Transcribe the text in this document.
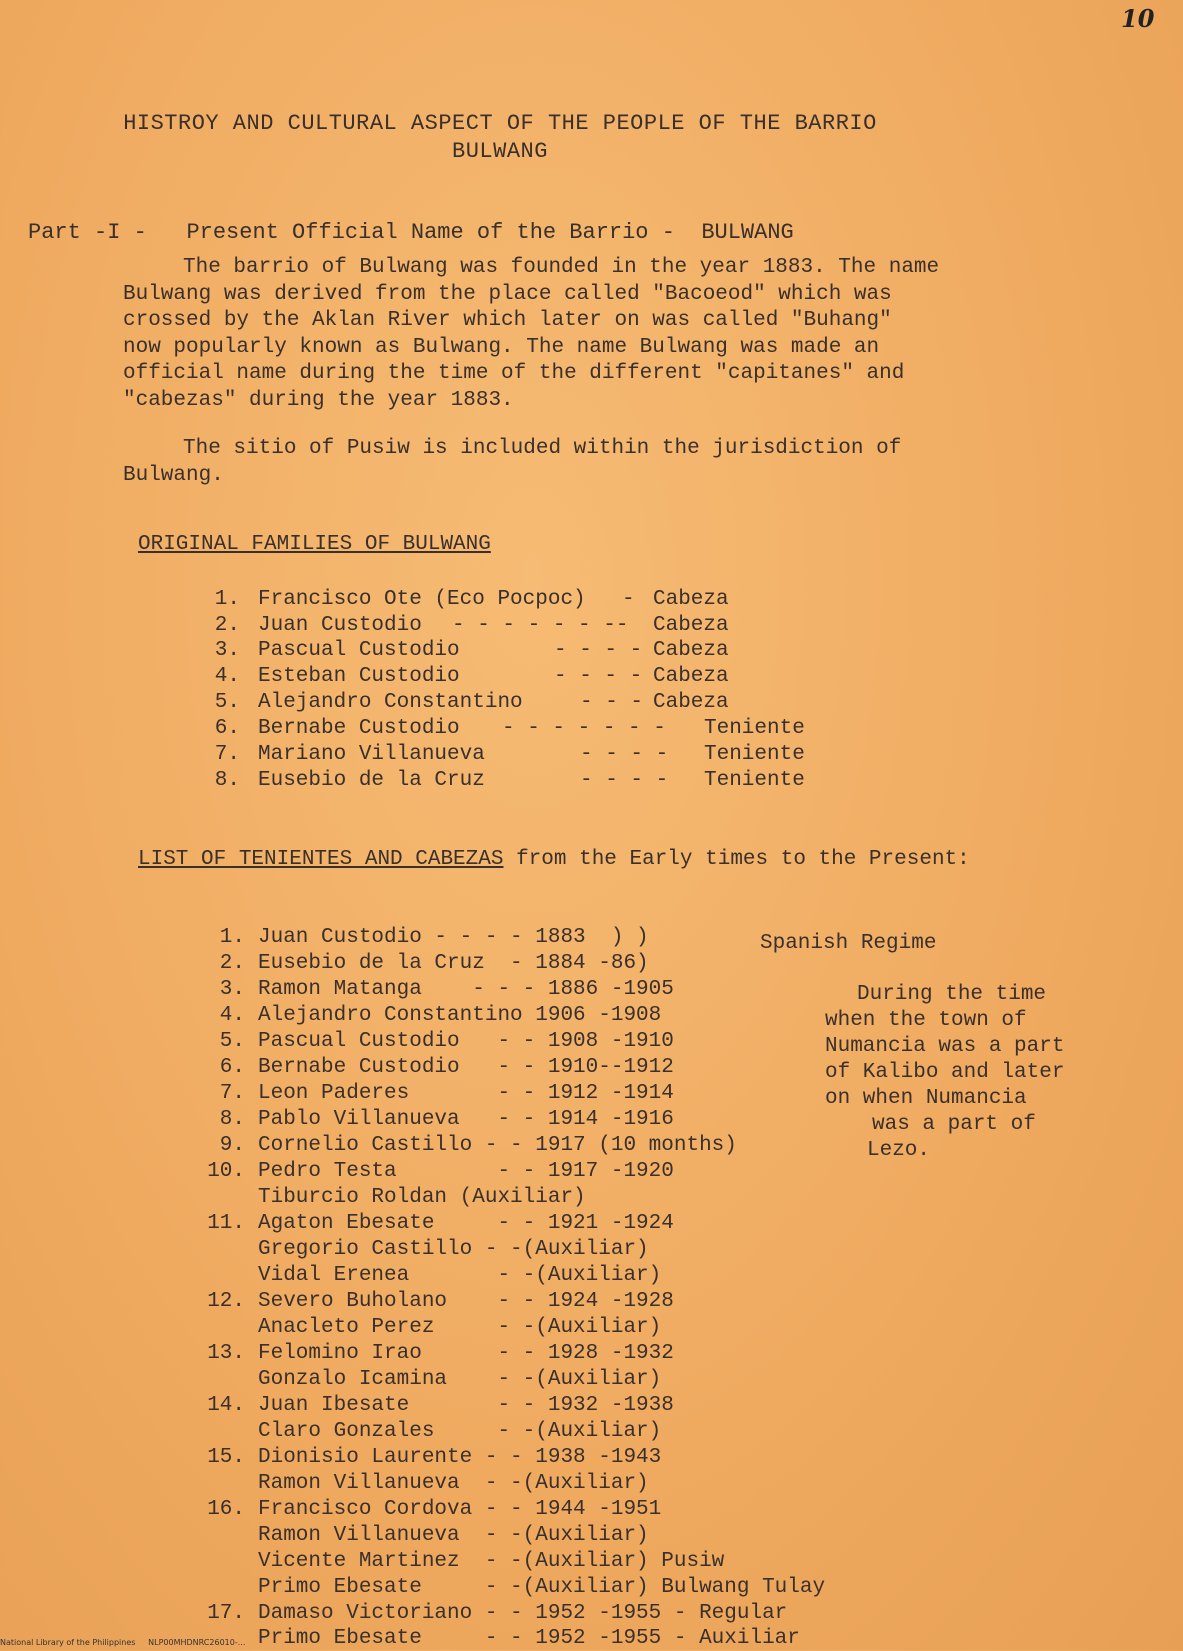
10
HISTROY AND CULTURAL ASPECT OF THE PEOPLE OF THE BARRIO
BULWANG
Part -I - Present Official Name of the Barrio - BULWANG
The barrio of Bulwang was founded in the year 1883. The name
Bulwang was derived from the place called "Bacoeod" which was
crossed by the Aklan River which later on was called "Buhang"
now popularly known as Bulwang. The name Bulwang was made an
official name during the time of the different "capitanes" and
"cabezas" during the year 1883.
The sitio of Pusiw is included within the jurisdiction of
Bulwang.
ORIGINAL FAMILIES OF BULWANG
1. Francisco Ote (Eco Pocpoc) - Cabeza
2. Juan Custodio - - - - - - -- Cabeza
3. Pascual Custodio	- - - - Cabeza
4. Esteban Custodio	- - - - Cabeza
5. Alejandro Constantino	- - - Cabeza
6. Bernabe Custodio - - - - - - - Teniente
7. Mariano Villanueva	- - - - Teniente
8. Eusebio de la Cruz	- - - - Teniente
LIST OF TENIENTES AND CABEZAS from the Early times to the Present:
1. Juan Custodio - - - - 1883  ) )
2. Eusebio de la Cruz  - 1884 -86)
3. Ramon Matanga    - - - 1886 -1905
4. Alejandro Constantino 1906 -1908
5. Pascual Custodio   - - 1908 -1910
6. Bernabe Custodio   - - 1910--1912
7. Leon Paderes       - - 1912 -1914
8. Pablo Villanueva   - - 1914 -1916
9. Cornelio Castillo - - 1917 (10 months)
10. Pedro Testa        - - 1917 -1920
Tiburcio Roldan (Auxiliar)
11. Agaton Ebesate     - - 1921 -1924
Gregorio Castillo - -(Auxiliar)
Vidal Erenea       - -(Auxiliar)
12. Severo Buholano    - - 1924 -1928
Anacleto Perez     - -(Auxiliar)
13. Felomino Irao      - - 1928 -1932
Gonzalo Icamina    - -(Auxiliar)
14. Juan Ibesate       - - 1932 -1938
Claro Gonzales     - -(Auxiliar)
15. Dionisio Laurente - - 1938 -1943
Ramon Villanueva  - -(Auxiliar)
16. Francisco Cordova - - 1944 -1951
Ramon Villanueva  - -(Auxiliar)
Vicente Martinez  - -(Auxiliar) Pusiw
Primo Ebesate     - -(Auxiliar) Bulwang Tulay
17. Damaso Victoriano - - 1952 -1955 - Regular
Primo Ebesate     - - 1952 -1955 - Auxiliar
Spanish Regime
During the time
when the town of
Numancia was a part
of Kalibo and later
on when Numancia
was a part of
Lezo.
National Library of the Philippines     NLP00MHDNRC26010-...
